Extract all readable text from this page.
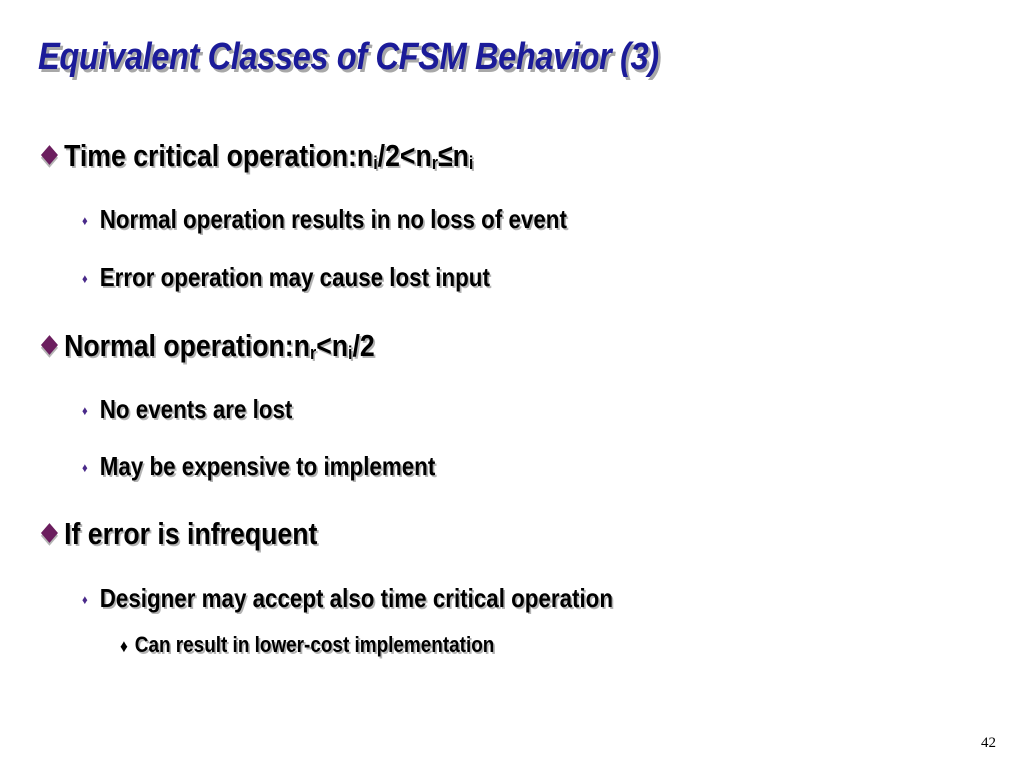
Equivalent Classes of CFSM Behavior (3)
Time critical operation: ni/2<nr≤ni
♦ Normal operation results in no loss of event
♦ Error operation may cause lost input
Normal operation: nr<ni/2
♦ No events are lost
♦ May be expensive to implement
If error is infrequent
♦ Designer may accept also time critical operation
♦ Can result in lower-cost implementation
42
